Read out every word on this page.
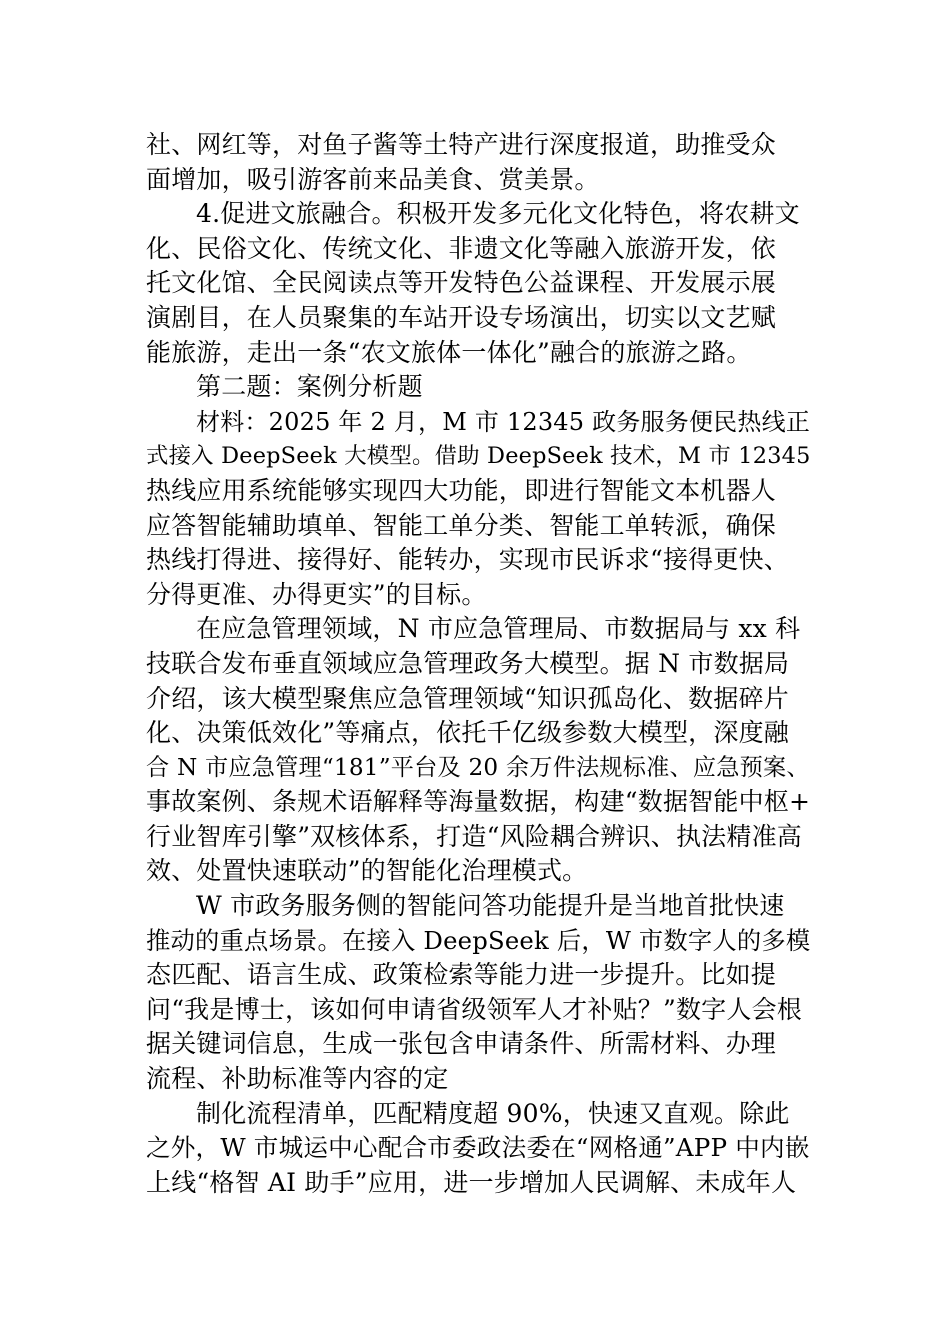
社、网红等，对鱼子酱等土特产进行深度报道，助推受众
面增加，吸引游客前来品美食、赏美景。
4.促进文旅融合。积极开发多元化文化特色，将农耕文
化、民俗文化、传统文化、非遗文化等融入旅游开发，依
托文化馆、全民阅读点等开发特色公益课程、开发展示展
演剧目，在人员聚集的车站开设专场演出，切实以文艺赋
能旅游，走出一条“农文旅体一体化”融合的旅游之路。
第二题：案例分析题
材料：2025 年 2 月，M 市 12345 政务服务便民热线正
式接入 DeepSeek 大模型。借助 DeepSeek 技术，M 市 12345
热线应用系统能够实现四大功能，即进行智能文本机器人
应答智能辅助填单、智能工单分类、智能工单转派，确保
热线打得进、接得好、能转办，实现市民诉求“接得更快、
分得更准、办得更实”的目标。
在应急管理领域，N 市应急管理局、市数据局与 xx 科
技联合发布垂直领域应急管理政务大模型。据 N 市数据局
介绍，该大模型聚焦应急管理领域“知识孤岛化、数据碎片
化、决策低效化”等痛点，依托千亿级参数大模型，深度融
合 N 市应急管理“181”平台及 20 余万件法规标准、应急预案、
事故案例、条规术语解释等海量数据，构建“数据智能中枢+
行业智库引擎”双核体系，打造“风险耦合辨识、执法精准高
效、处置快速联动”的智能化治理模式。
W 市政务服务侧的智能问答功能提升是当地首批快速
推动的重点场景。在接入 DeepSeek 后，W 市数字人的多模
态匹配、语言生成、政策检索等能力进一步提升。比如提
问“我是博士，该如何申请省级领军人才补贴？”数字人会根
据关键词信息，生成一张包含申请条件、所需材料、办理
流程、补助标准等内容的定
制化流程清单，匹配精度超 90%，快速又直观。除此
之外，W 市城运中心配合市委政法委在“网格通”APP 中内嵌
上线“格智 AI 助手”应用，进一步增加人民调解、未成年人
